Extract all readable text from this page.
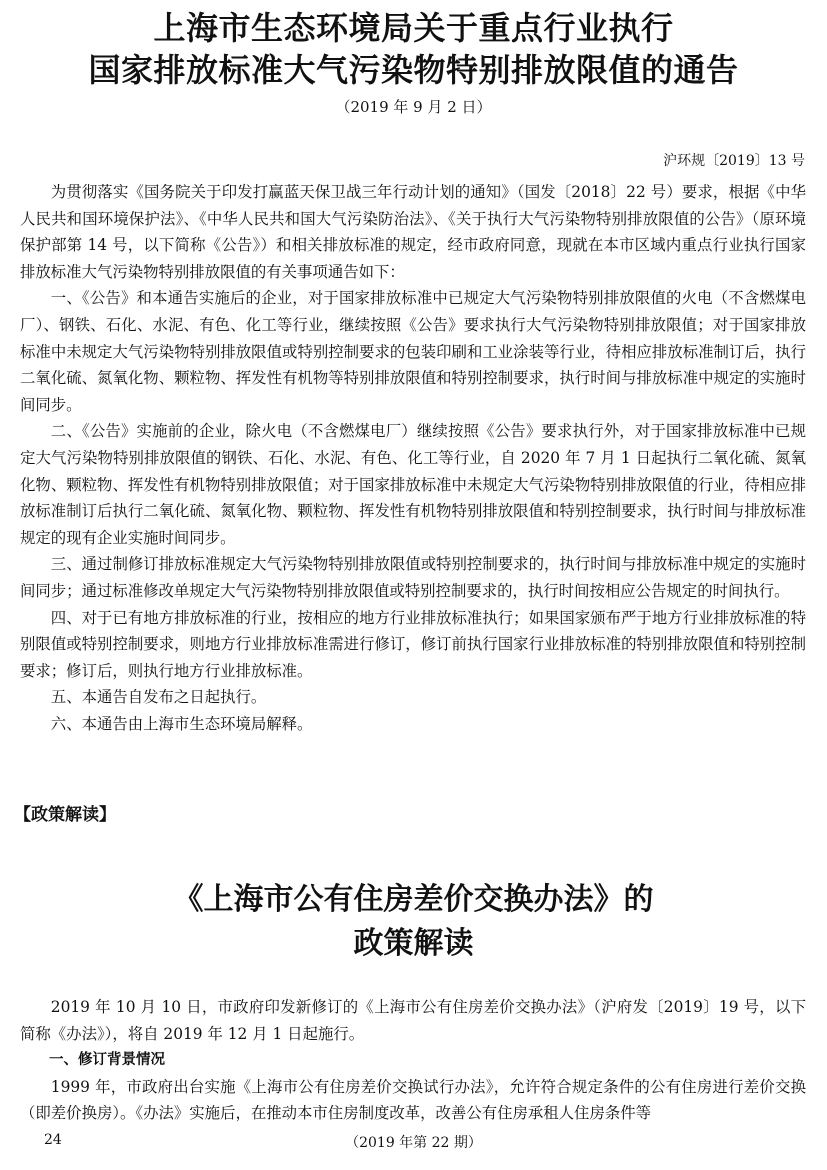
上海市生态环境局关于重点行业执行
国家排放标准大气污染物特别排放限值的通告
（2019 年 9 月 2 日）
沪环规〔2019〕13 号

为贯彻落实《国务院关于印发打赢蓝天保卫战三年行动计划的通知》（国发〔2018〕22 号）要求，根据《中华人民共和国环境保护法》、《中华人民共和国大气污染防治法》、《关于执行大气污染物特别排放限值的公告》（原环境保护部第 14 号，以下简称《公告》）和相关排放标准的规定，经市政府同意，现就在本市区域内重点行业执行国家排放标准大气污染物特别排放限值的有关事项通告如下：

一、《公告》和本通告实施后的企业，对于国家排放标准中已规定大气污染物特别排放限值的火电（不含燃煤电厂）、钢铁、石化、水泥、有色、化工等行业，继续按照《公告》要求执行大气污染物特别排放限值；对于国家排放标准中未规定大气污染物特别排放限值或特别控制要求的包装印刷和工业涂装等行业，待相应排放标准制订后，执行二氧化硫、氮氧化物、颗粒物、挥发性有机物等特别排放限值和特别控制要求，执行时间与排放标准中规定的实施时间同步。

二、《公告》实施前的企业，除火电（不含燃煤电厂）继续按照《公告》要求执行外，对于国家排放标准中已规定大气污染物特别排放限值的钢铁、石化、水泥、有色、化工等行业，自 2020 年 7 月 1 日起执行二氧化硫、氮氧化物、颗粒物、挥发性有机物特别排放限值；对于国家排放标准中未规定大气污染物特别排放限值的行业，待相应排放标准制订后执行二氧化硫、氮氧化物、颗粒物、挥发性有机物特别排放限值和特别控制要求，执行时间与排放标准规定的现有企业实施时间同步。

三、通过制修订排放标准规定大气污染物特别排放限值或特别控制要求的，执行时间与排放标准中规定的实施时间同步；通过标准修改单规定大气污染物特别排放限值或特别控制要求的，执行时间按相应公告规定的时间执行。

四、对于已有地方排放标准的行业，按相应的地方行业排放标准执行；如果国家颁布严于地方行业排放标准的特别限值或特别控制要求，则地方行业排放标准需进行修订，修订前执行国家行业排放标准的特别排放限值和特别控制要求；修订后，则执行地方行业排放标准。

五、本通告自发布之日起执行。

六、本通告由上海市生态环境局解释。

【政策解读】
《上海市公有住房差价交换办法》的
政策解读

2019 年 10 月 10 日，市政府印发新修订的《上海市公有住房差价交换办法》（沪府发〔2019〕19 号，以下简称《办法》），将自 2019 年 12 月 1 日起施行。

一、修订背景情况

1999 年，市政府出台实施《上海市公有住房差价交换试行办法》，允许符合规定条件的公有住房进行差价交换（即差价换房）。《办法》实施后，在推动本市住房制度改革，改善公有住房承租人住房条件等

24	（2019 年第 22 期）
